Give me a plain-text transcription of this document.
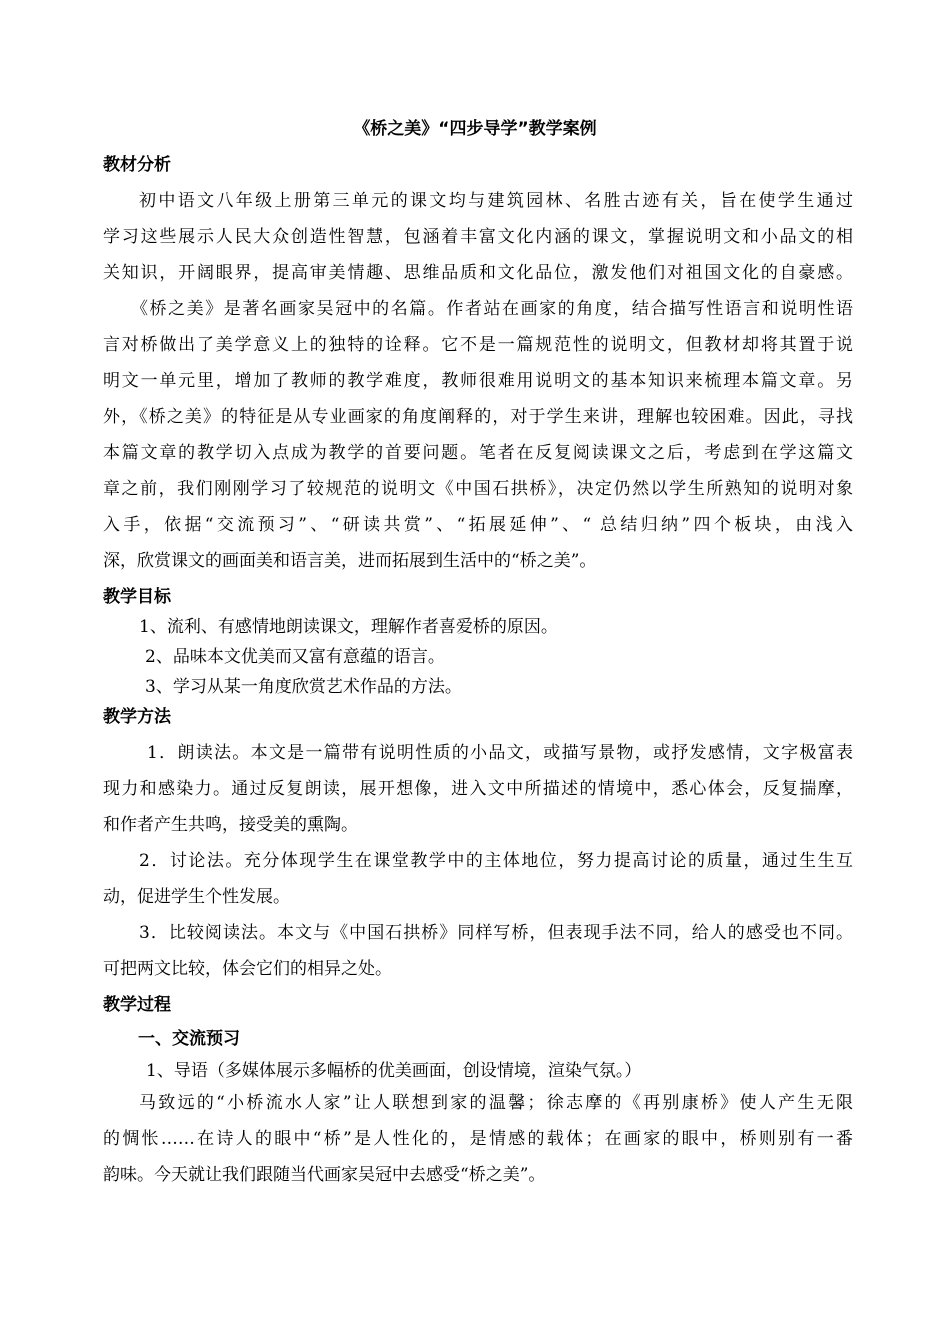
《桥之美》“四步导学”教学案例
教材分析
初中语文八年级上册第三单元的课文均与建筑园林、名胜古迹有关，旨在使学生通过
学习这些展示人民大众创造性智慧，包涵着丰富文化内涵的课文，掌握说明文和小品文的相
关知识，开阔眼界，提高审美情趣、思维品质和文化品位，激发他们对祖国文化的自豪感。
《桥之美》是著名画家吴冠中的名篇。作者站在画家的角度，结合描写性语言和说明性语
言对桥做出了美学意义上的独特的诠释。它不是一篇规范性的说明文，但教材却将其置于说
明文一单元里，增加了教师的教学难度，教师很难用说明文的基本知识来梳理本篇文章。另
外，《桥之美》的特征是从专业画家的角度阐释的，对于学生来讲，理解也较困难。因此，寻找
本篇文章的教学切入点成为教学的首要问题。笔者在反复阅读课文之后，考虑到在学这篇文
章之前，我们刚刚学习了较规范的说明文《中国石拱桥》，决定仍然以学生所熟知的说明对象
入手，依据“交流预习”、“研读共赏”、“拓展延伸”、“ 总结归纳”四个板块，由浅入
深，欣赏课文的画面美和语言美，进而拓展到生活中的“桥之美”。
教学目标
1、流利、有感情地朗读课文，理解作者喜爱桥的原因。
2、品味本文优美而又富有意蕴的语言。
3、学习从某一角度欣赏艺术作品的方法。
教学方法
1．朗读法。本文是一篇带有说明性质的小品文，或描写景物，或抒发感情，文字极富表
现力和感染力。通过反复朗读，展开想像，进入文中所描述的情境中，悉心体会，反复揣摩，
和作者产生共鸣，接受美的熏陶。
2．讨论法。充分体现学生在课堂教学中的主体地位，努力提高讨论的质量，通过生生互
动，促进学生个性发展。
3．比较阅读法。本文与《中国石拱桥》同样写桥，但表现手法不同，给人的感受也不同。
可把两文比较，体会它们的相异之处。
教学过程
一、交流预习
1、导语（多媒体展示多幅桥的优美画面，创设情境，渲染气氛。）
马致远的“小桥流水人家”让人联想到家的温馨；徐志摩的《再别康桥》使人产生无限
的惆怅……在诗人的眼中“桥”是人性化的，是情感的载体；在画家的眼中，桥则别有一番
韵味。今天就让我们跟随当代画家吴冠中去感受“桥之美”。
